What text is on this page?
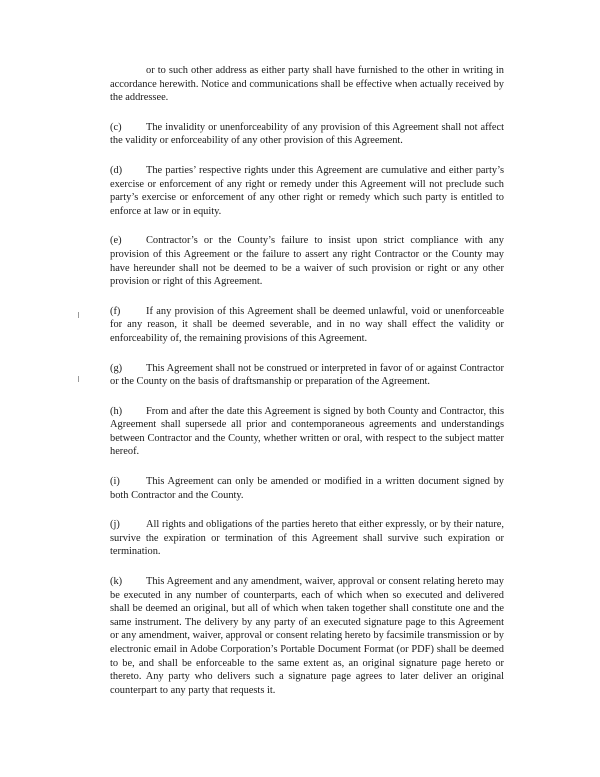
or to such other address as either party shall have furnished to the other in writing in accordance herewith. Notice and communications shall be effective when actually received by the addressee.

(c) The invalidity or unenforceability of any provision of this Agreement shall not affect the validity or enforceability of any other provision of this Agreement.

(d) The parties’ respective rights under this Agreement are cumulative and either party’s exercise or enforcement of any right or remedy under this Agreement will not preclude such party’s exercise or enforcement of any other right or remedy which such party is entitled to enforce at law or in equity.

(e) Contractor’s or the County’s failure to insist upon strict compliance with any provision of this Agreement or the failure to assert any right Contractor or the County may have hereunder shall not be deemed to be a waiver of such provision or right or any other provision or right of this Agreement.

(f) If any provision of this Agreement shall be deemed unlawful, void or unenforceable for any reason, it shall be deemed severable, and in no way shall effect the validity or enforceability of, the remaining provisions of this Agreement.

(g) This Agreement shall not be construed or interpreted in favor of or against Contractor or the County on the basis of draftsmanship or preparation of the Agreement.

(h) From and after the date this Agreement is signed by both County and Contractor, this Agreement shall supersede all prior and contemporaneous agreements and understandings between Contractor and the County, whether written or oral, with respect to the subject matter hereof.

(i)	This Agreement can only be amended or modified in a written document signed by both Contractor and the County.

(j)	All rights and obligations of the parties hereto that either expressly, or by their nature, survive the expiration or termination of this Agreement shall survive such expiration or termination.

(k) This Agreement and any amendment, waiver, approval or consent relating hereto may be executed in any number of counterparts, each of which when so executed and delivered shall be deemed an original, but all of which when taken together shall constitute one and the same instrument. The delivery by any party of an executed signature page to this Agreement or any amendment, waiver, approval or consent relating hereto by facsimile transmission or by electronic email in Adobe Corporation’s Portable Document Format (or PDF) shall be deemed to be, and shall be enforceable to the same extent as, an original signature page hereto or thereto. Any party who delivers such a signature page agrees to later deliver an original counterpart to any party that requests it.
